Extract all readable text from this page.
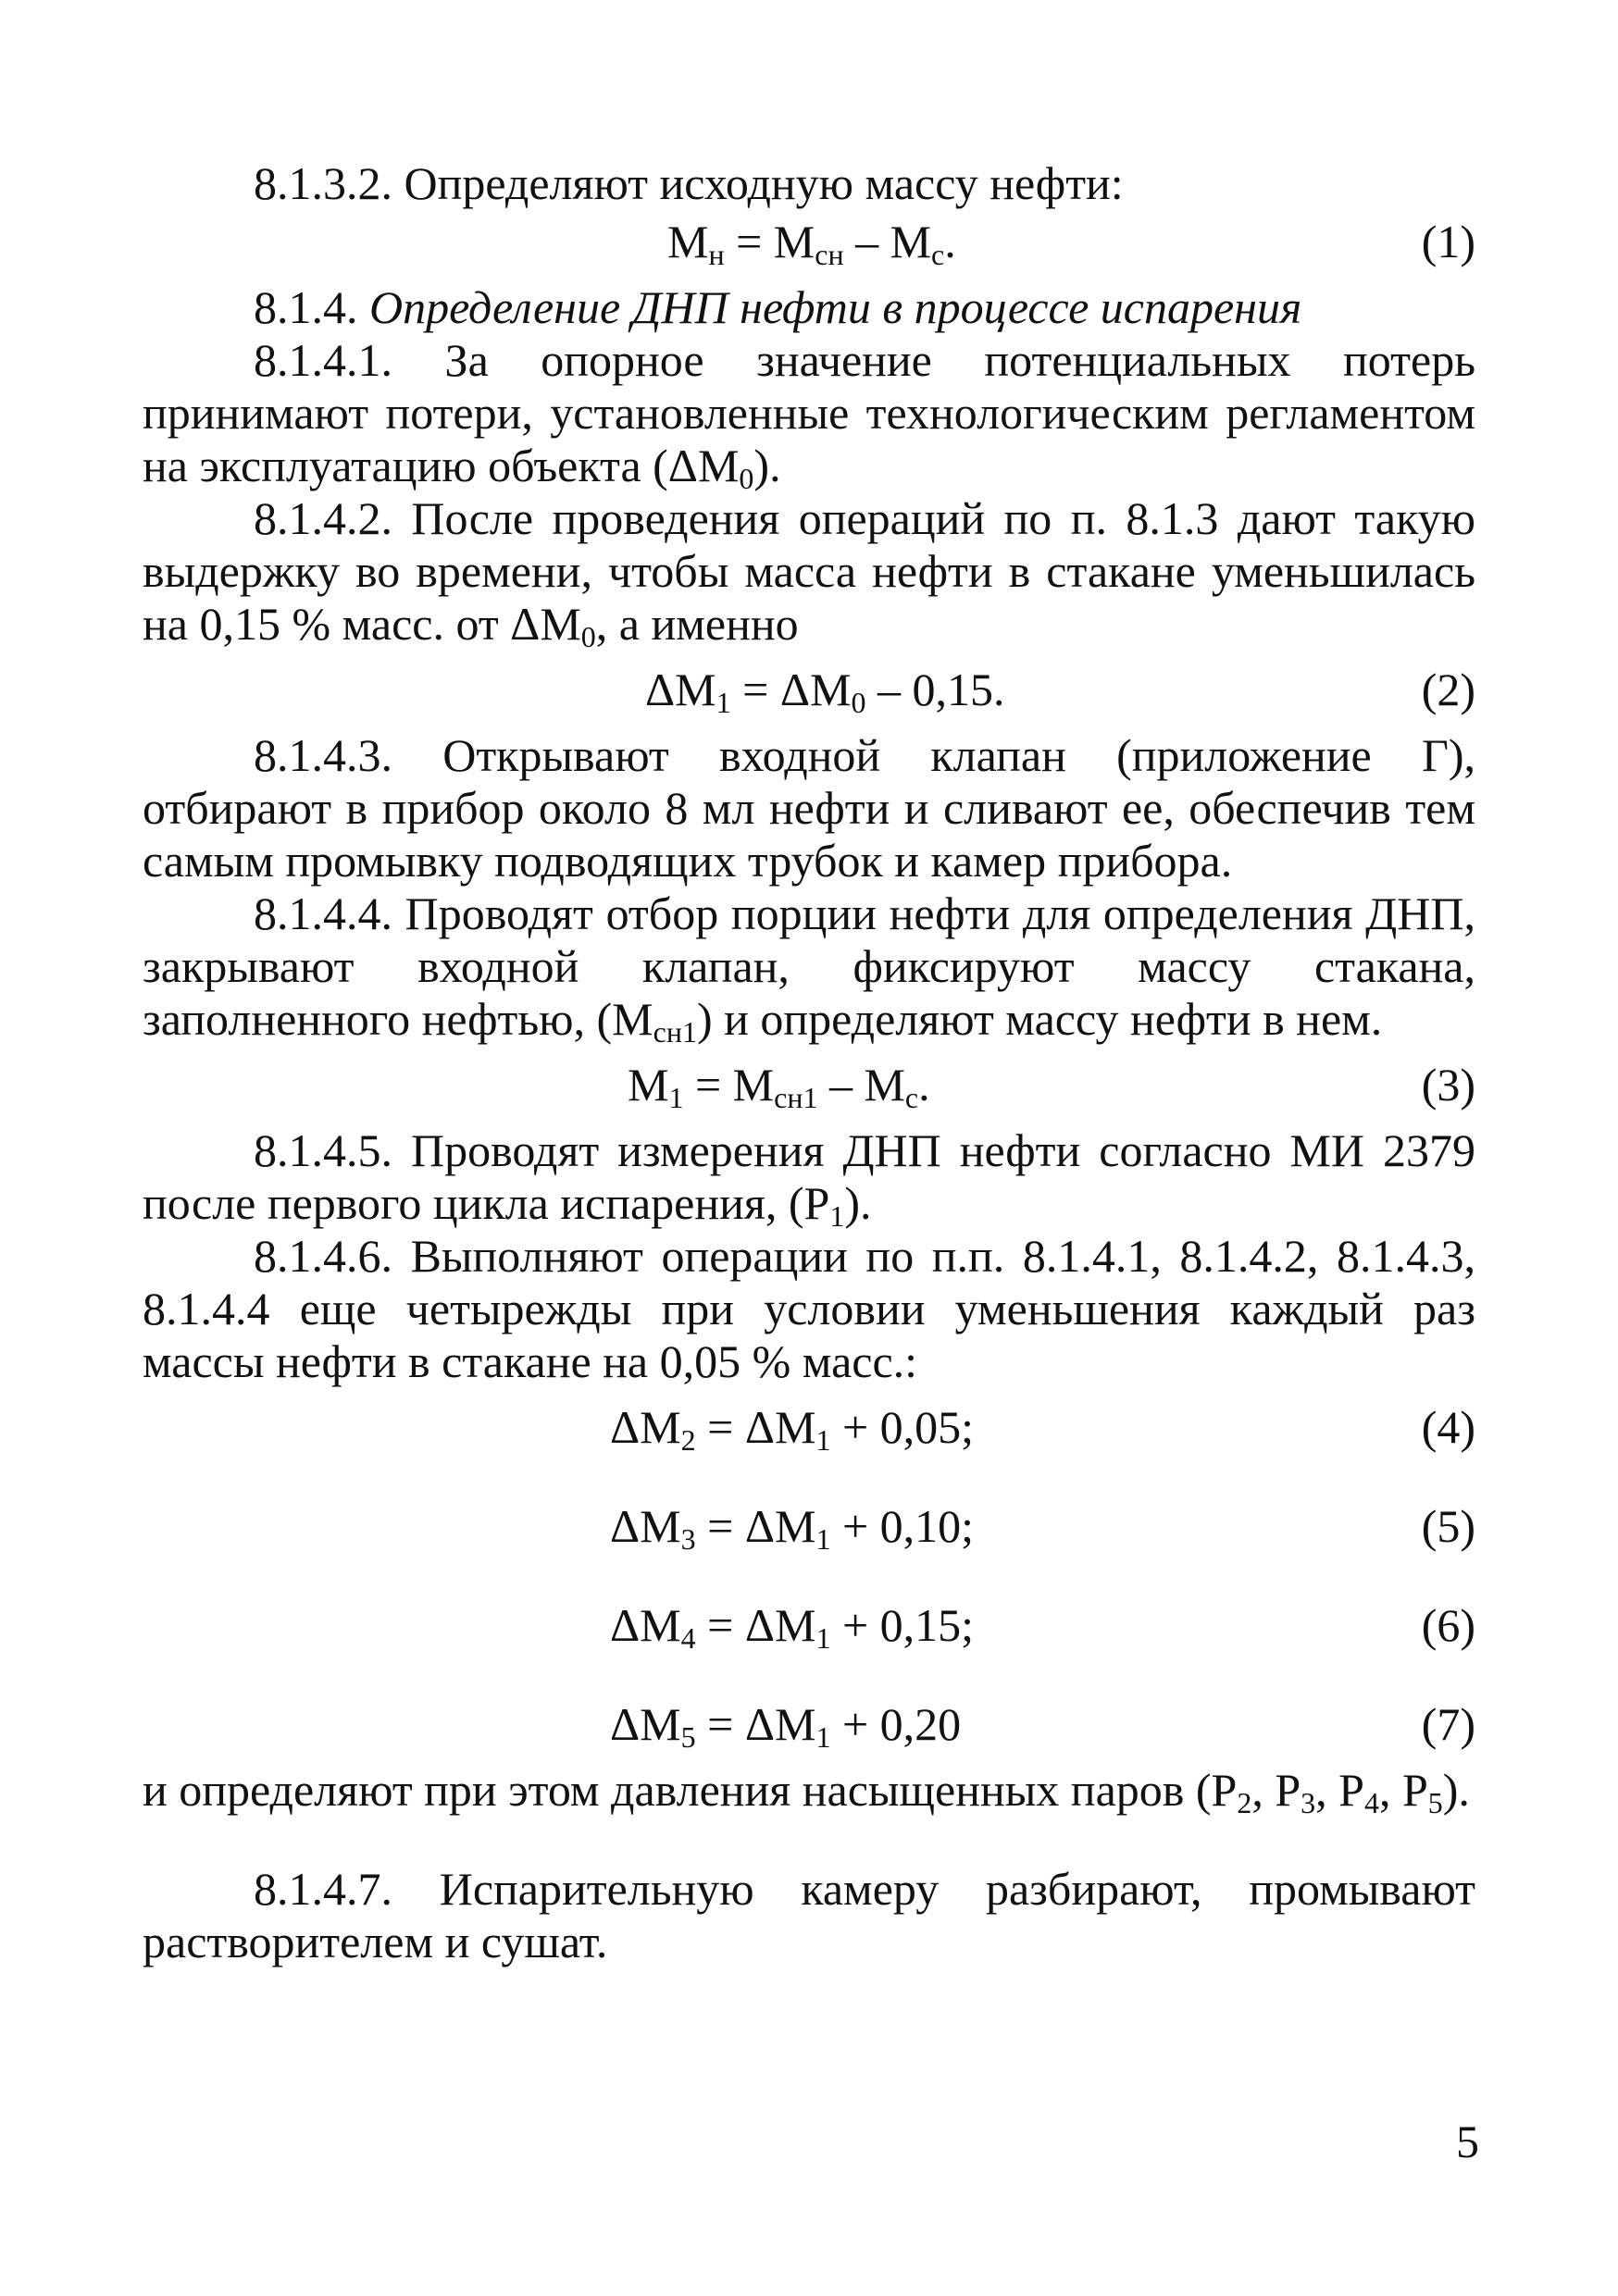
8.1.3.2. Определяют исходную массу нефти:

$M_н = M_{сн} - M_с$.	(1)

8.1.4. Определение ДНП нефти в процессе испарения

8.1.4.1. За опорное значение потенциальных потерь принимают потери, установленные технологическим регламентом на эксплуатацию объекта $(\Delta M_0)$.

8.1.4.2. После проведения операций по п. 8.1.3 дают такую выдержку во времени, чтобы масса нефти в стакане уменьшилась на 0,15 % масс. от $\Delta M_0$, а именно

$\Delta M_1 = \Delta M_0 - 0,15$.	(2)

8.1.4.3. Открывают входной клапан (приложение Г), отбирают в прибор около 8 мл нефти и сливают ее, обеспечив тем самым промывку подводящих трубок и камер прибора.

8.1.4.4. Проводят отбор порции нефти для определения ДНП, закрывают входной клапан, фиксируют массу стакана, заполненного нефтью, $(M_{сн1})$ и определяют массу нефти в нем.

$M_1 = M_{сн1} - M_с$.	(3)

8.1.4.5. Проводят измерения ДНП нефти согласно МИ 2379 после первого цикла испарения, $(P_1)$.

8.1.4.6. Выполняют операции по п.п. 8.1.4.1, 8.1.4.2, 8.1.4.3, 8.1.4.4 еще четырежды при условии уменьшения каждый раз массы нефти в стакане на 0,05 % масс.:

$\Delta M_2 = \Delta M_1 + 0,05$;	(4)
$\Delta M_3 = \Delta M_1 + 0,10$;	(5)
$\Delta M_4 = \Delta M_1 + 0,15$;	(6)
$\Delta M_5 = \Delta M_1 + 0,20$	(7)

и определяют при этом давления насыщенных паров ($P_2$, $P_3$, $P_4$, $P_5$).

8.1.4.7. Испарительную камеру разбирают, промывают растворителем и сушат.

5
